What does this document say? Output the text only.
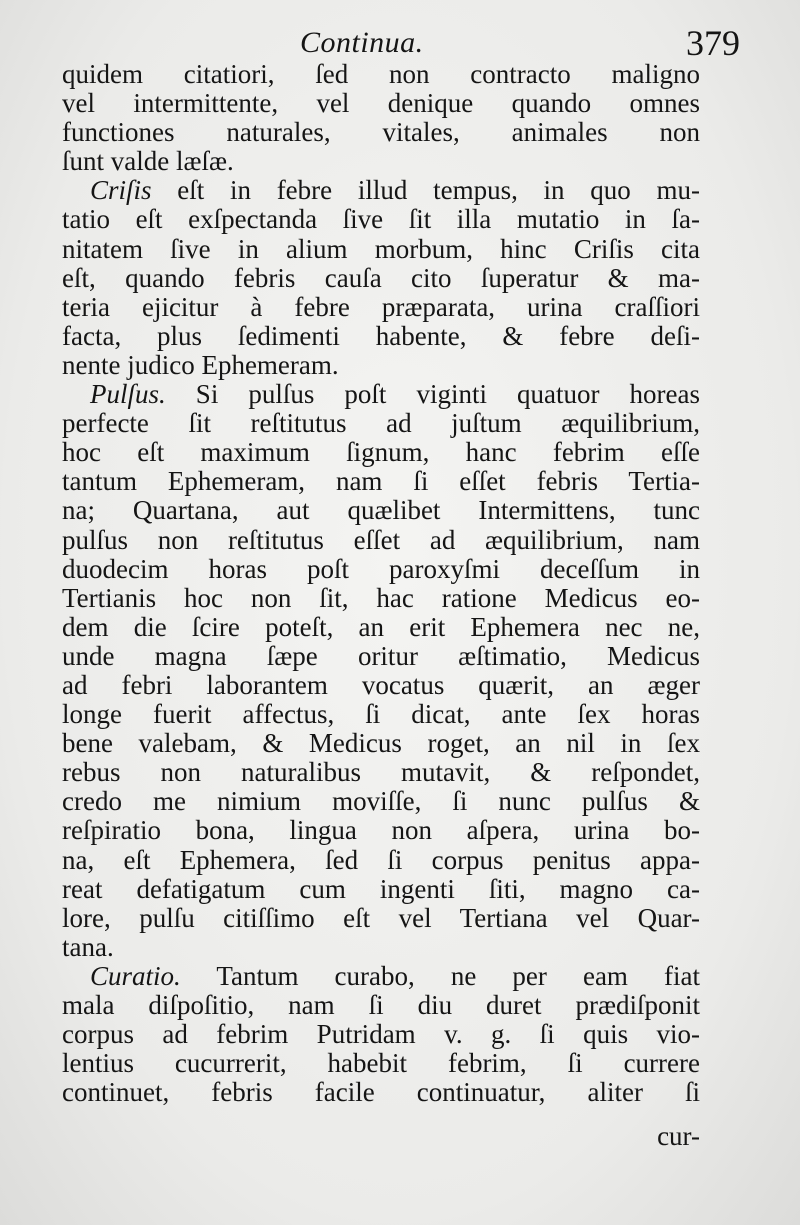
Continua.	379
quidem citatiori, ſed non contracto maligno
vel intermittente, vel denique quando omnes
functiones naturales, vitales, animales non
ſunt valde læſæ.
Criſis eſt in febre illud tempus, in quo mu-
tatio eſt exſpectanda ſive ſit illa mutatio in ſa-
nitatem ſive in alium morbum, hinc Criſis cita
eſt, quando febris cauſa cito ſuperatur & ma-
teria ejicitur à febre præparata, urina craſſiori
facta, plus ſedimenti habente, & febre deſi-
nente judico Ephemeram.
Pulſus. Si pulſus poſt viginti quatuor horeas
perfecte ſit reſtitutus ad juſtum æquilibrium,
hoc eſt maximum ſignum, hanc febrim eſſe
tantum Ephemeram, nam ſi eſſet febris Tertia-
na; Quartana, aut quælibet Intermittens, tunc
pulſus non reſtitutus eſſet ad æquilibrium, nam
duodecim horas poſt paroxyſmi deceſſum in
Tertianis hoc non ſit, hac ratione Medicus eo-
dem die ſcire poteſt, an erit Ephemera nec ne,
unde magna ſæpe oritur æſtimatio, Medicus
ad febri laborantem vocatus quærit, an æger
longe fuerit affectus, ſi dicat, ante ſex horas
bene valebam, & Medicus roget, an nil in ſex
rebus non naturalibus mutavit, & reſpondet,
credo me nimium moviſſe, ſi nunc pulſus &
reſpiratio bona, lingua non aſpera, urina bo-
na, eſt Ephemera, ſed ſi corpus penitus appa-
reat defatigatum cum ingenti ſiti, magno ca-
lore, pulſu citiſſimo eſt vel Tertiana vel Quar-
tana.
Curatio. Tantum curabo, ne per eam fiat
mala diſpoſitio, nam ſi diu duret prædiſponit
corpus ad febrim Putridam v. g. ſi quis vio-
lentius cucurrerit, habebit febrim, ſi currere
continuet, febris facile continuatur, aliter ſi
cur-
